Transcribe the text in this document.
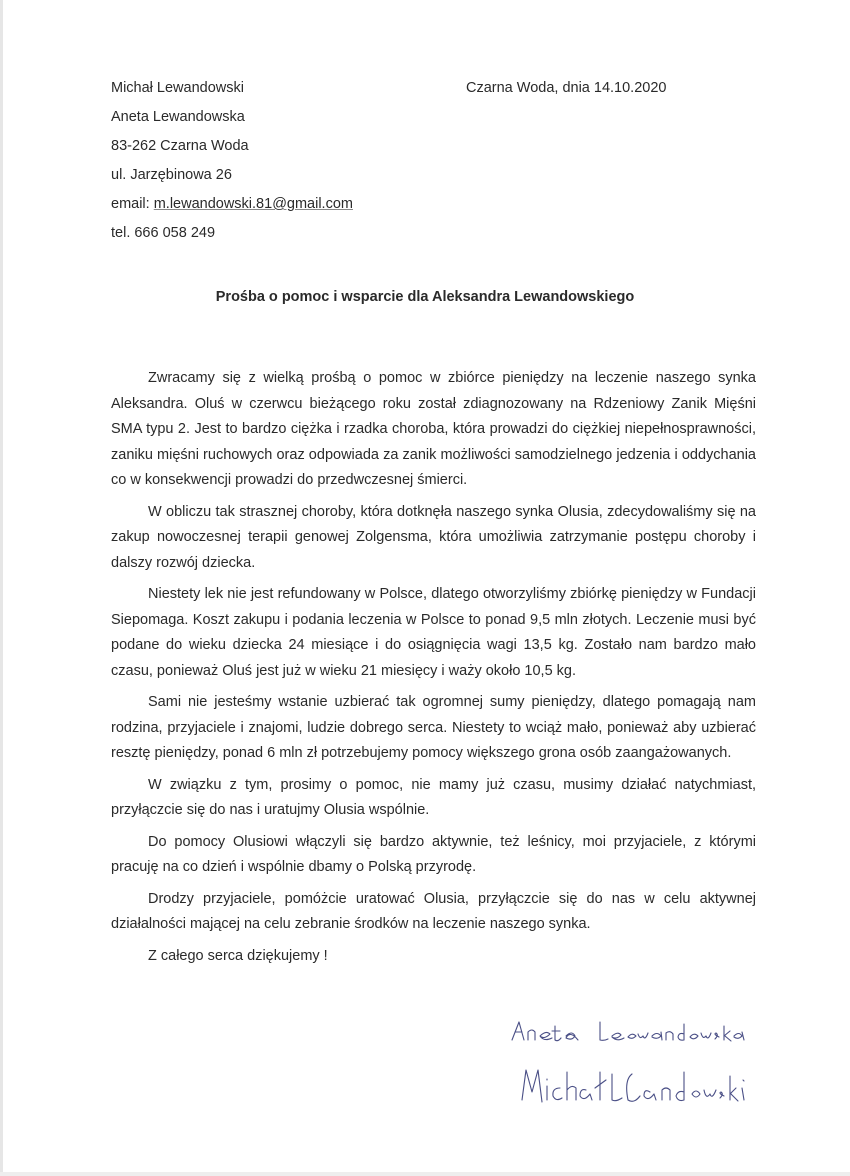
Michał Lewandowski
Aneta Lewandowska
83-262 Czarna Woda
ul. Jarzębinowa 26
email: m.lewandowski.81@gmail.com
tel. 666 058 249
Czarna Woda, dnia 14.10.2020
Prośba o pomoc i wsparcie dla Aleksandra Lewandowskiego

Zwracamy się z wielką prośbą o pomoc w zbiórce pieniędzy na leczenie naszego synka Aleksandra. Oluś w czerwcu bieżącego roku został zdiagnozowany na Rdzeniowy Zanik Mięśni SMA typu 2. Jest to bardzo ciężka i rzadka choroba, która prowadzi do ciężkiej niepełnosprawności, zaniku mięśni ruchowych oraz odpowiada za zanik możliwości samodzielnego jedzenia i oddychania co w konsekwencji prowadzi do przedwczesnej śmierci.

W obliczu tak strasznej choroby, która dotknęła naszego synka Olusia, zdecydowaliśmy się na zakup nowoczesnej terapii genowej Zolgensma, która umożliwia zatrzymanie postępu choroby i dalszy rozwój dziecka.

Niestety lek nie jest refundowany w Polsce, dlatego otworzyliśmy zbiórkę pieniędzy w Fundacji Siepomaga. Koszt zakupu i podania leczenia w Polsce to ponad 9,5 mln złotych. Leczenie musi być podane do wieku dziecka 24 miesiące i do osiągnięcia wagi 13,5 kg. Zostało nam bardzo mało czasu, ponieważ Oluś jest już w wieku 21 miesięcy i waży około 10,5 kg.

Sami nie jesteśmy wstanie uzbierać tak ogromnej sumy pieniędzy, dlatego pomagają nam rodzina, przyjaciele i znajomi, ludzie dobrego serca. Niestety to wciąż mało, ponieważ aby uzbierać resztę pieniędzy, ponad 6 mln zł potrzebujemy pomocy większego grona osób zaangażowanych.

W związku z tym, prosimy o pomoc, nie mamy już czasu, musimy działać natychmiast, przyłączcie się do nas i uratujmy Olusia wspólnie.

Do pomocy Olusiowi włączyli się bardzo aktywnie, też leśnicy, moi przyjaciele, z którymi pracuję na co dzień i wspólnie dbamy o Polską przyrodę.

Drodzy przyjaciele, pomóżcie uratować Olusia, przyłączcie się do nas w celu aktywnej działalności mającej na celu zebranie środków na leczenie naszego synka.

Z całego serca dziękujemy !
